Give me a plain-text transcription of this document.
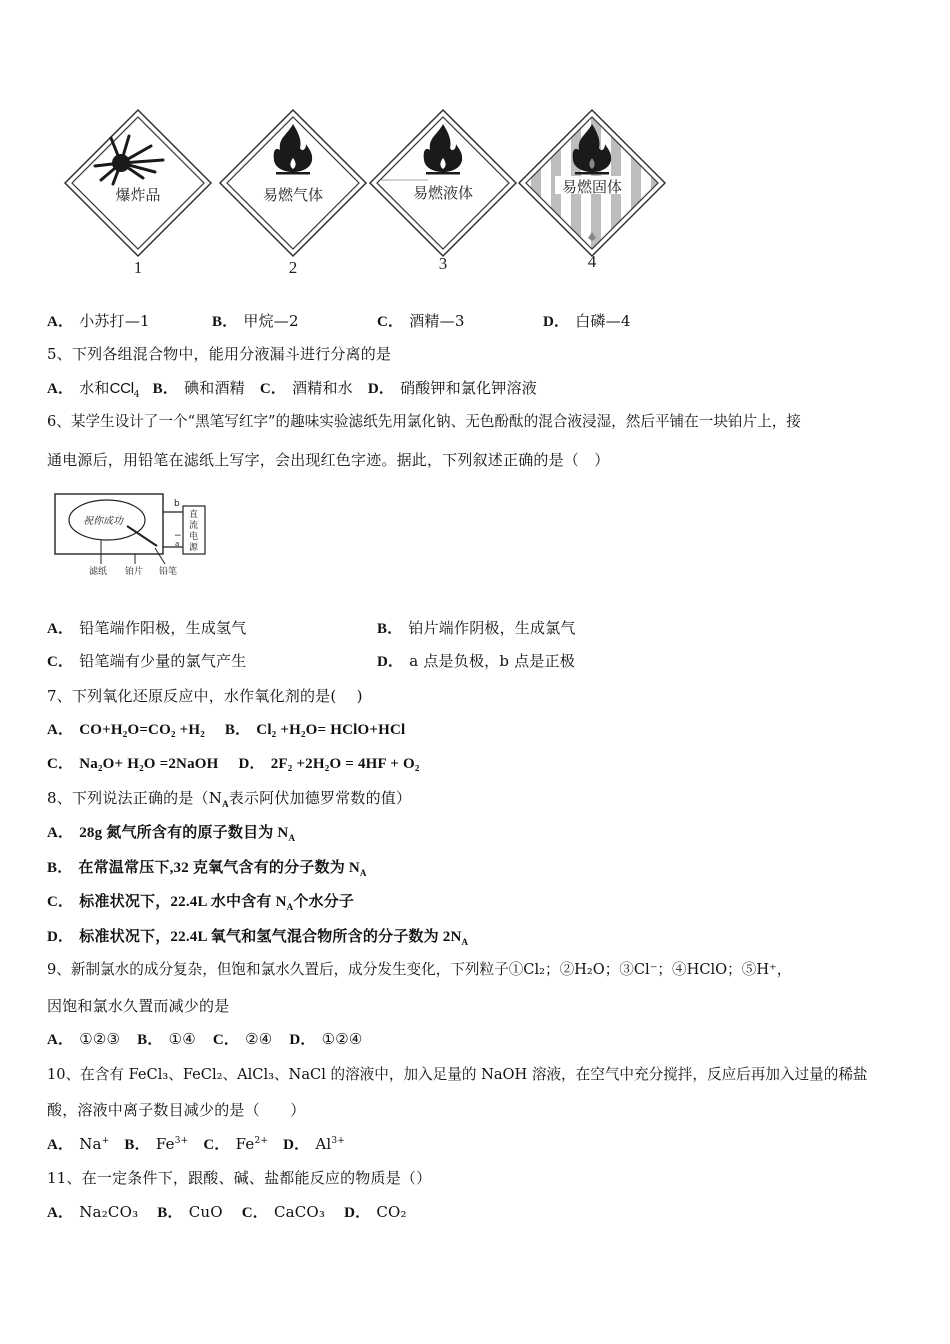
爆炸品
1
易燃气体
2
易燃液体
3
易燃固体
4
A． 小苏打—1	B． 甲烷—2	C． 酒精—3	D． 白磷—4
5、下列各组混合物中，能用分液漏斗进行分离的是
A． 水和CCl$_4$ B． 碘和酒精 C． 酒精和水 D． 硝酸钾和氯化钾溶液
6、某学生设计了一个“黑笔写红字”的趣味实验滤纸先用氯化钠、无色酚酞的混合液浸湿，然后平铺在一块铂片上，接
通电源后，用铅笔在滤纸上写字，会出现红色字迹。据此，下列叙述正确的是（　）
祝你成功
b
−
a
直
流
电
源
滤纸 铂片 铅笔
A． 铅笔端作阳极，生成氢气	B． 铂片端作阴极，生成氯气
C． 铅笔端有少量的氯气产生	D． a 点是负极，b 点是正极
7、下列氧化还原反应中，水作氧化剂的是(　 )
A． CO+H₂O=CO₂ +H₂ B． Cl₂ +H₂O= HClO+HCl
C． Na₂O+ H₂O =2NaOH D． 2F₂ +2H₂O = 4HF + O₂
8、下列说法正确的是（$N_A$表示阿伏加德罗常数的值）
A． 28g 氮气所含有的原子数目为 $N_A$
B． 在常温常压下,32 克氧气含有的分子数为 $N_A$
C． 标准状况下，22.4L 水中含有 $N_A$个水分子
D． 标准状况下，22.4L 氧气和氢气混合物所含的分子数为 $2N_A$
9、新制氯水的成分复杂，但饱和氯水久置后，成分发生变化，下列粒子①Cl₂；②H₂O；③Cl⁻；④HClO；⑤H⁺，
因饱和氯水久置而减少的是
A． ①②③ B． ①④ C． ②④ D． ①②④
10、在含有 FeCl₃、FeCl₂、AlCl₃、NaCl 的溶液中，加入足量的 NaOH 溶液，在空气中充分搅拌，反应后再加入过量的稀盐
酸，溶液中离子数目减少的是（　　）
A． Na+ B． $Fe^{3+}$ C． $Fe^{2+}$ D． $Al^{3+}$
11、在一定条件下，跟酸、碱、盐都能反应的物质是（）
A． Na₂CO₃ B． CuO C． CaCO₃ D． CO₂
